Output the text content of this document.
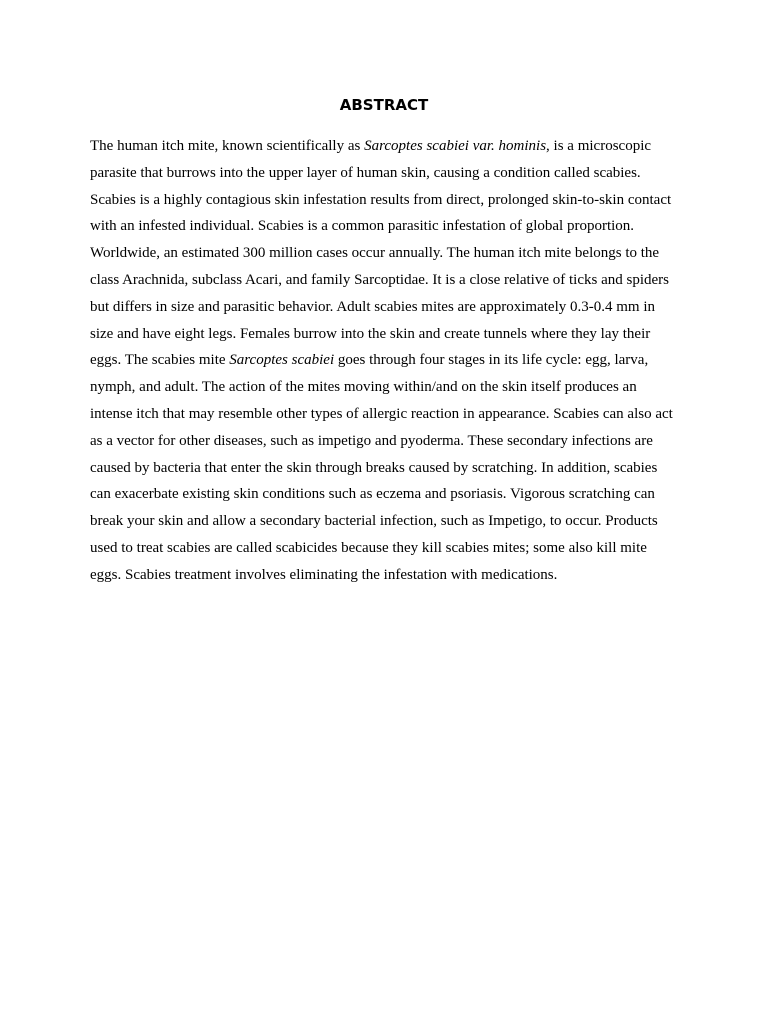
ABSTRACT

The human itch mite, known scientifically as Sarcoptes scabiei var. hominis, is a microscopic
parasite that burrows into the upper layer of human skin, causing a condition called scabies.
Scabies is a highly contagious skin infestation results from direct, prolonged skin-to-skin contact
with an infested individual. Scabies is a common parasitic infestation of global proportion.
Worldwide, an estimated 300 million cases occur annually. The human itch mite belongs to the
class Arachnida, subclass Acari, and family Sarcoptidae. It is a close relative of ticks and spiders
but differs in size and parasitic behavior. Adult scabies mites are approximately 0.3-0.4 mm in
size and have eight legs. Females burrow into the skin and create tunnels where they lay their
eggs. The scabies mite Sarcoptes scabiei goes through four stages in its life cycle: egg, larva,
nymph, and adult. The action of the mites moving within/and on the skin itself produces an
intense itch that may resemble other types of allergic reaction in appearance. Scabies can also act
as a vector for other diseases, such as impetigo and pyoderma. These secondary infections are
caused by bacteria that enter the skin through breaks caused by scratching. In addition, scabies
can exacerbate existing skin conditions such as eczema and psoriasis. Vigorous scratching can
break your skin and allow a secondary bacterial infection, such as Impetigo, to occur. Products
used to treat scabies are called scabicides because they kill scabies mites; some also kill mite
eggs. Scabies treatment involves eliminating the infestation with medications.
